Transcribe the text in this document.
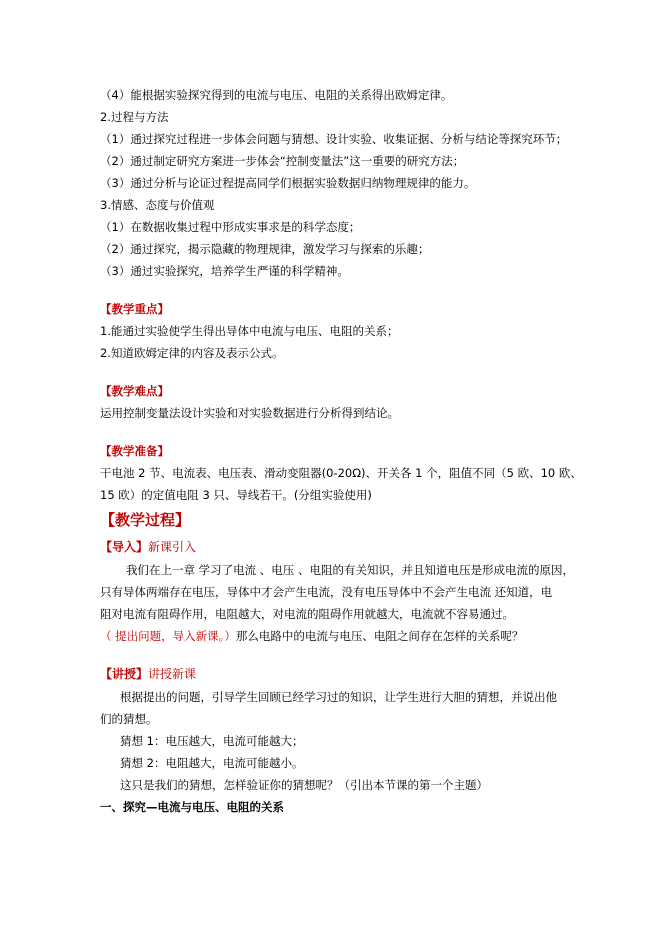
（4）能根据实验探究得到的电流与电压、电阻的关系得出欧姆定律。
2.过程与方法
（1）通过探究过程进一步体会问题与猜想、设计实验、收集证据、分析与结论等探究环节；
（2）通过制定研究方案进一步体会“控制变量法”这一重要的研究方法；
（3）通过分析与论证过程提高同学们根据实验数据归纳物理规律的能力。
3.情感、态度与价值观
（1）在数据收集过程中形成实事求是的科学态度；
（2）通过探究，揭示隐藏的物理规律，激发学习与探索的乐趣；
（3）通过实验探究，培养学生严谨的科学精神。
【教学重点】
1.能通过实验使学生得出导体中电流与电压、电阻的关系；
2.知道欧姆定律的内容及表示公式。
【教学难点】
运用控制变量法设计实验和对实验数据进行分析得到结论。
【教学准备】
干电池 2 节、电流表、电压表、滑动变阻器(0-20Ω)、开关各 1 个，阻值不同（5 欧、10 欧、
15 欧）的定值电阻 3 只、导线若干。(分组实验使用)
【教学过程】
【导入】新课引入
我们在上一章 学习了电流 、电压 、电阻的有关知识，并且知道电压是形成电流的原因，
只有导体两端存在电压，导体中才会产生电流，没有电压导体中不会产生电流 还知道，电
阻对电流有阻碍作用，电阻越大，对电流的阻碍作用就越大，电流就不容易通过。
（ 提出问题，导入新课。）那么电路中的电流与电压、电阻之间存在怎样的关系呢？
【讲授】讲授新课
根据提出的问题，引导学生回顾已经学习过的知识，让学生进行大胆的猜想，并说出他
们的猜想。
猜想 1：电压越大，电流可能越大；
猜想 2：电阻越大，电流可能越小。
这只是我们的猜想，怎样验证你的猜想呢？（引出本节课的第一个主题）
一、探究—电流与电压、电阻的关系
